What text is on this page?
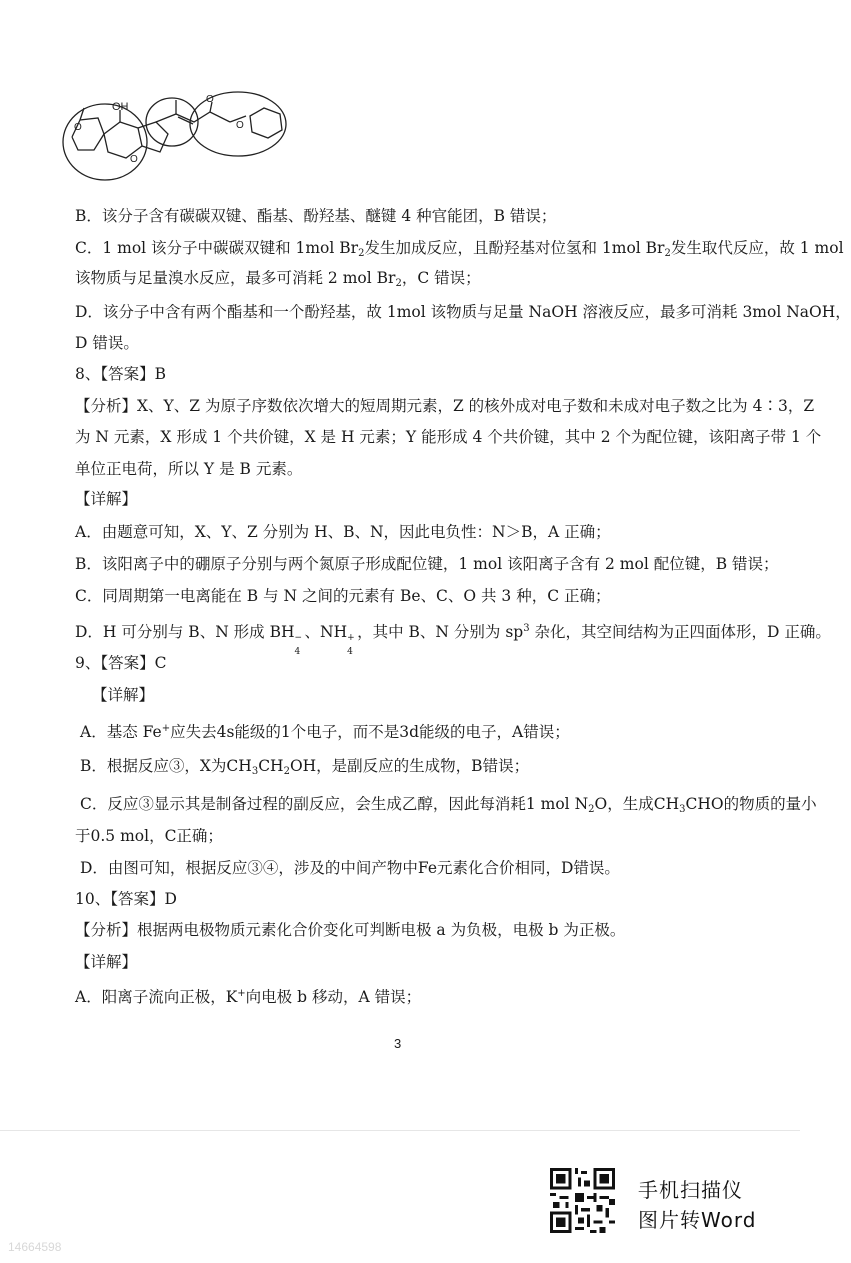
OH
O
O
O
O
B．该分子含有碳碳双键、酯基、酚羟基、醚键 4 种官能团，B 错误；
C．1 mol 该分子中碳碳双键和 1mol $Br_2$发生加成反应，且酚羟基对位氢和 1mol $Br_2$发生取代反应，故 1 mol
该物质与足量溴水反应，最多可消耗 2 mol $Br_2$，C 错误；
D．该分子中含有两个酯基和一个酚羟基，故 1mol 该物质与足量 NaOH 溶液反应，最多可消耗 3mol NaOH，
D 错误。
8、【答案】B
【分析】X、Y、Z 为原子序数依次增大的短周期元素，Z 的核外成对电子数和未成对电子数之比为 4∶3，Z
为 N 元素，X 形成 1 个共价键，X 是 H 元素；Y 能形成 4 个共价键，其中 2 个为配位键，该阳离子带 1 个
单位正电荷，所以 Y 是 B 元素。
【详解】
A．由题意可知，X、Y、Z 分别为 H、B、N，因此电负性：N＞B，A 正确；
B．该阳离子中的硼原子分别与两个氮原子形成配位键，1 mol 该阳离子含有 2 mol 配位键，B 错误；
C．同周期第一电离能在 B 与 N 之间的元素有 Be、C、O 共 3 种，C 正确；
D．H 可分别与 B、N 形成 BH −
4
、NH +
4
，其中 B、N 分别为 $sp^3$ 杂化，其空间结构为正四面体形，D 正确。
9、【答案】C
【详解】
A．基态 Fe+应失去4s能级的1个电子，而不是3d能级的电子，A错误；
B．根据反应③，X为$CH_3CH_2OH$，是副反应的生成物，B错误；
C．反应③显示其是制备过程的副反应，会生成乙醇，因此每消耗1 mol $N_2O$，生成$CH_3CHO$的物质的量小
于0.5 mol，C正确；
D．由图可知，根据反应③④，涉及的中间产物中Fe元素化合价相同，D错误。
10、【答案】D
【分析】根据两电极物质元素化合价变化可判断电极 a 为负极，电极 b 为正极。
【详解】
A．阳离子流向正极，K+向电极 b 移动，A 错误；
3
手机扫描仪
图片转Word
14664598
